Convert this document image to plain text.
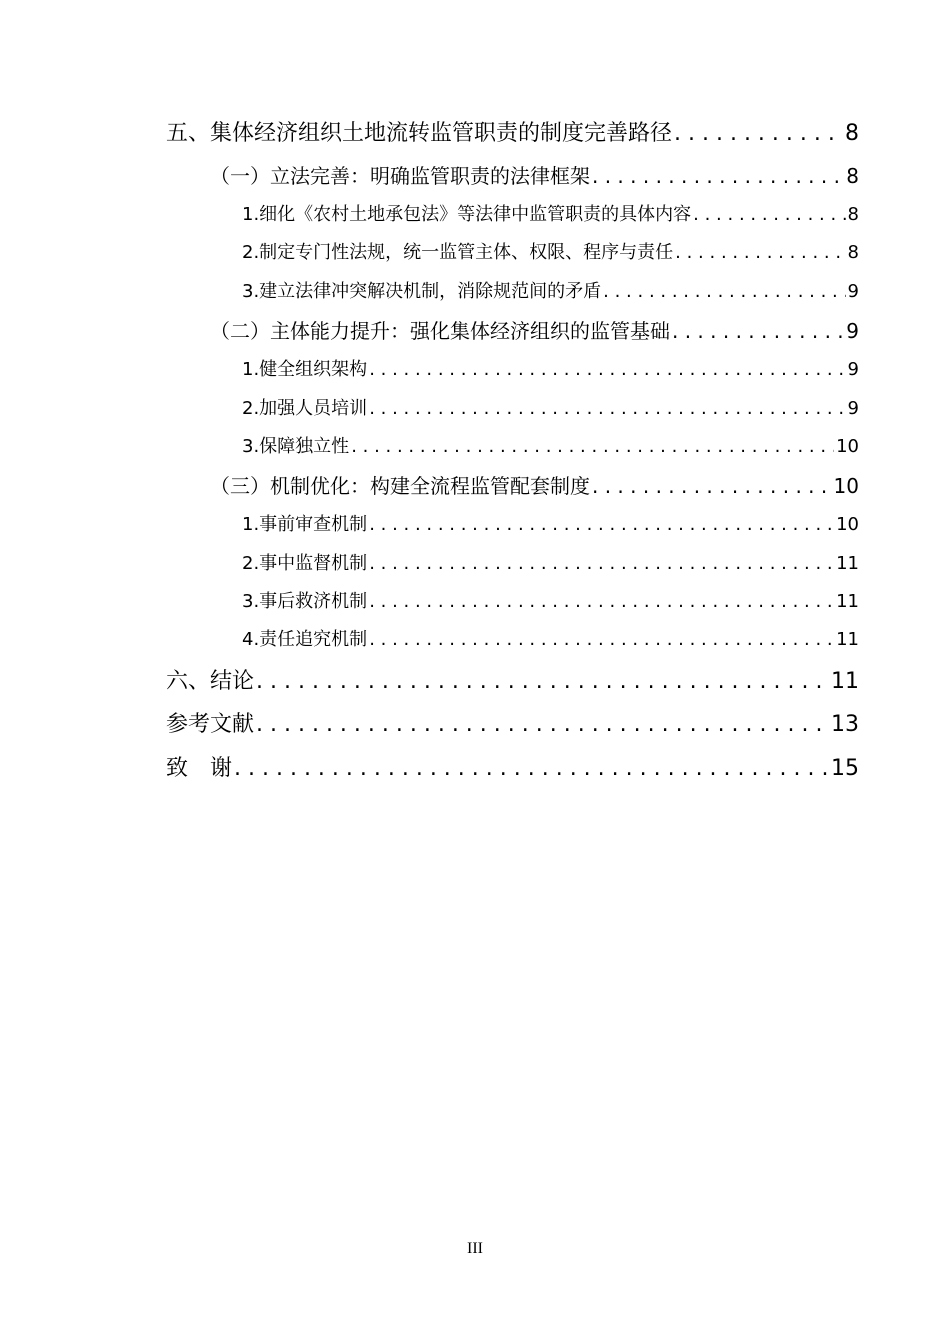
五、集体经济组织土地流转监管职责的制度完善路径 . . .	8
（一）立法完善：明确监管职责的法律框架 . . .	8
1.细化《农村土地承包法》等法律中监管职责的具体内容 . . .	8
2.制定专门性法规，统一监管主体、权限、程序与责任 . . .	8
3.建立法律冲突解决机制，消除规范间的矛盾 . . .	9
（二）主体能力提升：强化集体经济组织的监管基础 . . .	9
1.健全组织架构 . . .	9
2.加强人员培训 . . .	9
3.保障独立性 . . .	10
（三）机制优化：构建全流程监管配套制度 . . .	10
1.事前审查机制 . . .	10
2.事中监督机制 . . .	11
3.事后救济机制 . . .	11
4.责任追究机制 . . .	11
六、结论 . . .	11
参考文献 . . .	13
致　谢 . . .	15
III
